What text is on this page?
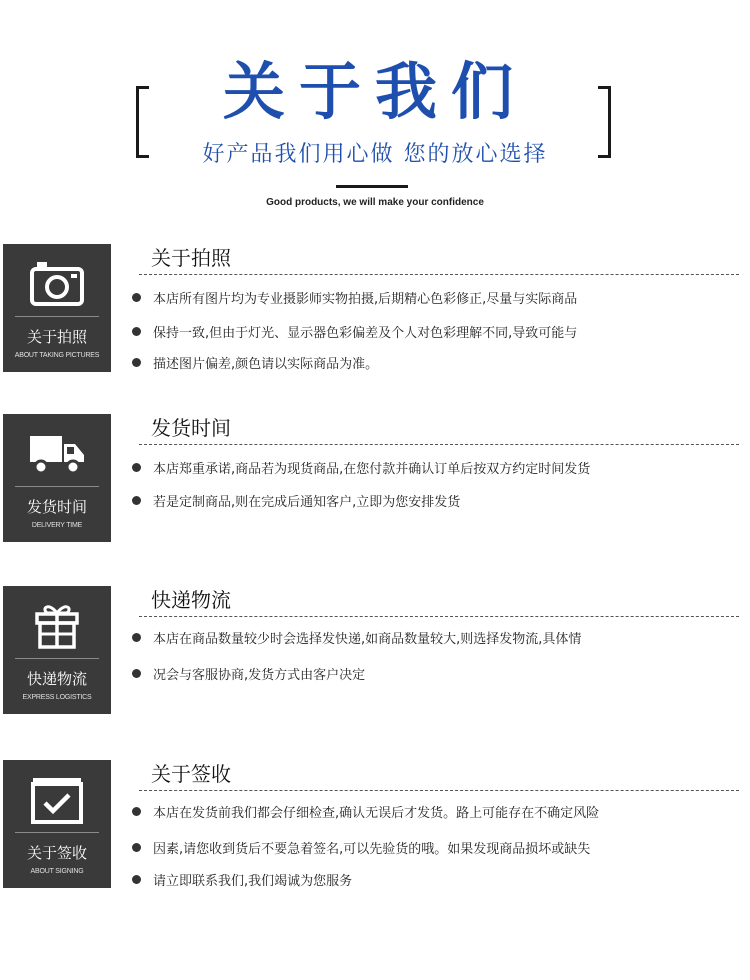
关于我们
好产品我们用心做 您的放心选择
Good products, we will make your confidence
关于拍照
ABOUT TAKING PICTURES
关于拍照
本店所有图片均为专业摄影师实物拍摄,后期精心色彩修正,尽量与实际商品
保持一致,但由于灯光、显示器色彩偏差及个人对色彩理解不同,导致可能与
描述图片偏差,颜色请以实际商品为准。
发货时间
DELIVERY TIME
发货时间
本店郑重承诺,商品若为现货商品,在您付款并确认订单后按双方约定时间发货
若是定制商品,则在完成后通知客户,立即为您安排发货
快递物流
EXPRESS LOGISTICS
快递物流
本店在商品数量较少时会选择发快递,如商品数量较大,则选择发物流,具体情
况会与客服协商,发货方式由客户决定
关于签收
ABOUT SIGNING
关于签收
本店在发货前我们都会仔细检查,确认无误后才发货。路上可能存在不确定风险
因素,请您收到货后不要急着签名,可以先验货的哦。如果发现商品损坏或缺失
请立即联系我们,我们竭诚为您服务
